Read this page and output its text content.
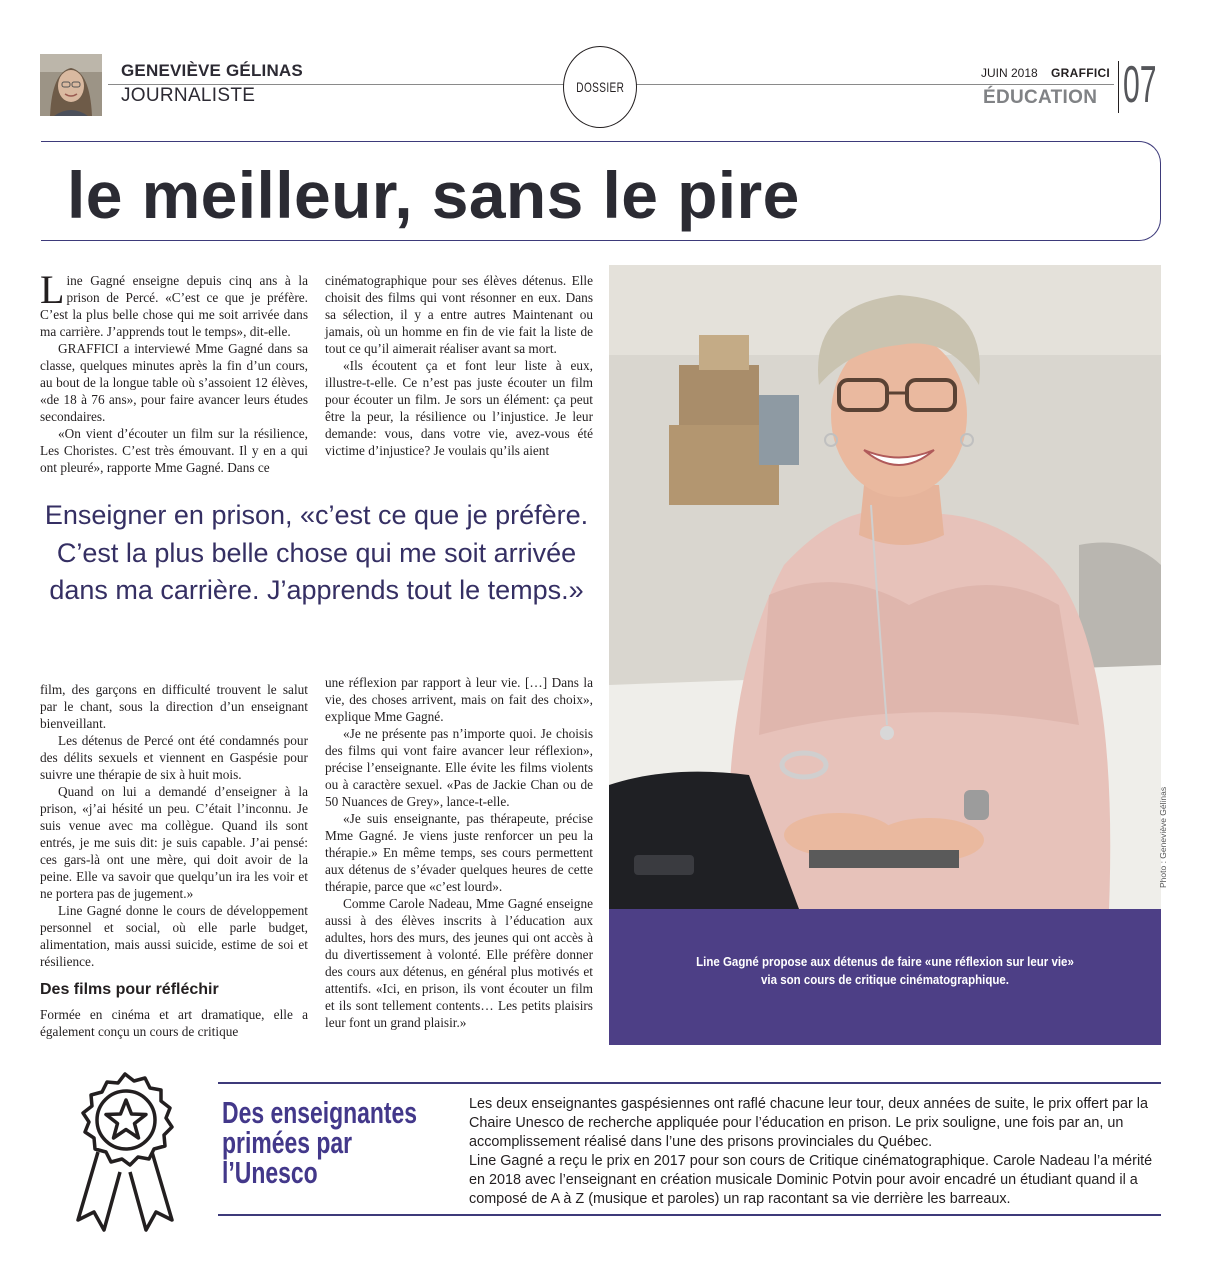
GENEVIÈVE GÉLINAS
JOURNALISTE	DOSSIER
JUIN 2018 GRAFFICI
ÉDUCATION 07
le meilleur, sans le pire

Line Gagné enseigne depuis cinq ans à la prison de Percé. «C’est ce que je préfère. C’est la plus belle chose qui me soit arrivée dans ma carrière. J’apprends tout le temps», dit-elle.

GRAFFICI a interviewé Mme Gagné dans sa classe, quelques minutes après la fin d’un cours, au bout de la longue table où s’assoient 12 élèves, «de 18 à 76 ans», pour faire avancer leurs études secondaires.

«On vient d’écouter un film sur la résilience, Les Choristes. C’est très émouvant. Il y en a qui ont pleuré», rapporte Mme Gagné. Dans ce

cinématographique pour ses élèves détenus. Elle choisit des films qui vont résonner en eux. Dans sa sélection, il y a entre autres Maintenant ou jamais, où un homme en fin de vie fait la liste de tout ce qu’il aimerait réaliser avant sa mort.

«Ils écoutent ça et font leur liste à eux, illustre-t-elle. Ce n’est pas juste écouter un film pour écouter un film. Je sors un élément: ça peut être la peur, la résilience ou l’injustice. Je leur demande: vous, dans votre vie, avez-vous été victime d’injustice? Je voulais qu’ils aient

Enseigner en prison, «c’est ce que je préfère. C’est la plus belle chose qui me soit arrivée dans ma carrière. J’apprends tout le temps.»

film, des garçons en difficulté trouvent le salut par le chant, sous la direction d’un enseignant bienveillant.

Les détenus de Percé ont été condamnés pour des délits sexuels et viennent en Gaspésie pour suivre une thérapie de six à huit mois.

Quand on lui a demandé d’enseigner à la prison, «j’ai hésité un peu. C’était l’inconnu. Je suis venue avec ma collègue. Quand ils sont entrés, je me suis dit: je suis capable. J’ai pensé: ces gars-là ont une mère, qui doit avoir de la peine. Elle va savoir que quelqu’un ira les voir et ne portera pas de jugement.»

Line Gagné donne le cours de développement personnel et social, où elle parle budget, alimentation, mais aussi suicide, estime de soi et résilience.

Des films pour réfléchir

Formée en cinéma et art dramatique, elle a également conçu un cours de critique

une réflexion par rapport à leur vie. […] Dans la vie, des choses arrivent, mais on fait des choix», explique Mme Gagné.

«Je ne présente pas n’importe quoi. Je choisis des films qui vont faire avancer leur réflexion», précise l’enseignante. Elle évite les films violents ou à caractère sexuel. «Pas de Jackie Chan ou de 50 Nuances de Grey», lance-t-elle.

«Je suis enseignante, pas thérapeute, précise Mme Gagné. Je viens juste renforcer un peu la thérapie.» En même temps, ses cours permettent aux détenus de s’évader quelques heures de cette thérapie, parce que «c’est lourd».

Comme Carole Nadeau, Mme Gagné enseigne aussi à des élèves inscrits à l’éducation aux adultes, hors des murs, des jeunes qui ont accès à du divertissement à volonté. Elle préfère donner des cours aux détenus, en général plus motivés et attentifs. «Ici, en prison, ils vont écouter un film et ils sont tellement contents… Les petits plaisirs leur font un grand plaisir.»

Photo : Geneviève Gélinas
Line Gagné propose aux détenus de faire «une réflexion sur leur vie» via son cours de critique cinématographique.
Des enseignantes primées par l’Unesco

Les deux enseignantes gaspésiennes ont raflé chacune leur tour, deux années de suite, le prix offert par la Chaire Unesco de recherche appliquée pour l’éducation en prison. Le prix souligne, une fois par an, un accomplissement réalisé dans l’une des prisons provinciales du Québec.

Line Gagné a reçu le prix en 2017 pour son cours de Critique cinématographique. Carole Nadeau l’a mérité en 2018 avec l’enseignant en création musicale Dominic Potvin pour avoir encadré un étudiant quand il a composé de A à Z (musique et paroles) un rap racontant sa vie derrière les barreaux.
